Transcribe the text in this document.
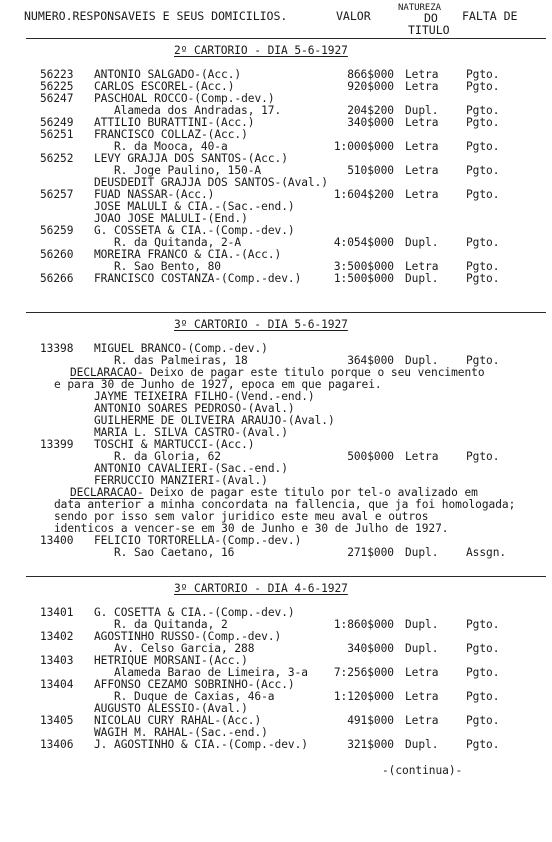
NUMERO.RESPONSAVEIS E SEUS DOMICILIOS.	VALOR
NATUREZA
DO
TITULO
FALTA DE
2º CARTORIO - DIA 5-6-1927
56223 ANTONIO SALGADO-(Acc.)	866$000 Letra Pgto.
56225 CARLOS ESCOREL-(Acc.)	920$000 Letra Pgto.
56247 PASCHOAL ROCCO-(Comp.-dev.)
Alameda dos Andradas, 17.	204$200 Dupl. Pgto.
56249 ATTILIO BURATTINI-(Acc.)	340$000 Letra Pgto.
56251 FRANCISCO COLLAZ-(Acc.)
R. da Mooca, 40-a	1:000$000 Letra Pgto.
56252 LEVY GRAJJA DOS SANTOS-(Acc.)
R. Joge Paulino, 150-A	510$000 Letra Pgto.
DEUSDEDIT GRAJJA DOS SANTOS-(Aval.)
56257 FUAD NASSAR-(Acc.)	1:604$200 Letra Pgto.
JOSE MALULI & CIA.-(Sac.-end.)
JOAO JOSE MALULI-(End.)
56259 G. COSSETA & CIA.-(Comp.-dev.)
R. da Quitanda, 2-A	4:054$000 Dupl. Pgto.
56260 MOREIRA FRANCO & CIA.-(Acc.)
R. Sao Bento, 80	3:500$000 Letra Pgto.
56266 FRANCISCO COSTANZA-(Comp.-dev.)	1:500$000 Dupl. Pgto.
3º CARTORIO - DIA 5-6-1927
13398 MIGUEL BRANCO-(Comp.-dev.)
R. das Palmeiras, 18	364$000 Dupl. Pgto.
DECLARACAO- Deixo de pagar este titulo porque o seu vencimento
e para 30 de Junho de 1927, epoca em que pagarei.
JAYME TEIXEIRA FILHO-(Vend.-end.)
ANTONIO SOARES PEDROSO-(Aval.)
GUILHERME DE OLIVEIRA ARAUJO-(Aval.)
MARIA L. SILVA CASTRO-(Aval.)
13399 TOSCHI & MARTUCCI-(Acc.)
R. da Gloria, 62	500$000 Letra Pgto.
ANTONIO CAVALIERI-(Sac.-end.)
FERRUCCIO MANZIERI-(Aval.)
DECLARACAO- Deixo de pagar este titulo por tel-o avalizado em
data anterior a minha concordata na fallencia, que ja foi homologada; sendo por isso sem valor juridico este meu aval e outros
identicos a vencer-se em 30 de Junho e 30 de Julho de 1927.
13400 FELICIO TORTORELLA-(Comp.-dev.)
R. Sao Caetano, 16	271$000 Dupl. Assgn.
3º CARTORIO - DIA 4-6-1927
13401 G. COSETTA & CIA.-(Comp.-dev.)
R. da Quitanda, 2	1:860$000 Dupl. Pgto.
13402 AGOSTINHO RUSSO-(Comp.-dev.)
Av. Celso Garcia, 288	340$000 Dupl. Pgto.
13403 HETRIQUE MORSANI-(Acc.)
Alameda Barao de Limeira, 3-a 7:256$000 Letra Pgto.
13404 AFFONSO CEZAMO SOBRINHO-(Acc.)
R. Duque de Caxias, 46-a	1:120$000 Letra Pgto.
AUGUSTO ALESSIO-(Aval.)
13405 NICOLAU CURY RAHAL-(Acc.)	491$000 Letra Pgto.
WAGIH M. RAHAL-(Sac.-end.)
13406 J. AGOSTINHO & CIA.-(Comp.-dev.)	321$000 Dupl. Pgto.
-(continua)-
